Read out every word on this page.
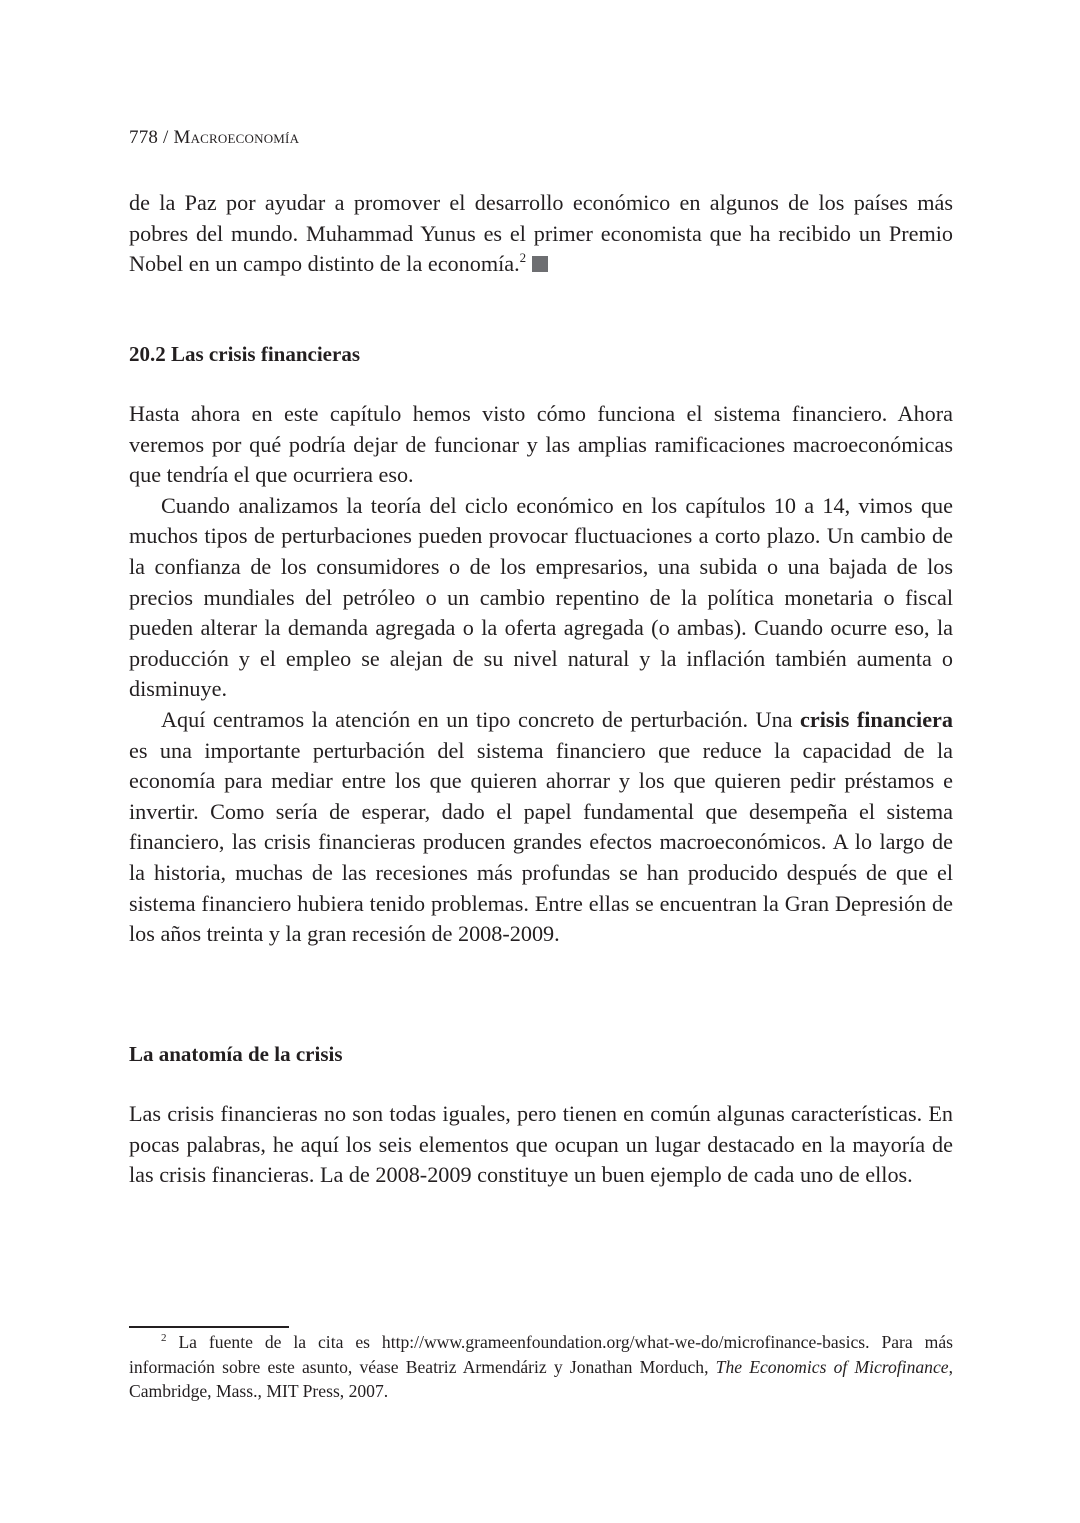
778 / Macroeconomía

de la Paz por ayudar a promover el desarrollo económico en algunos de los países más pobres del mundo. Muhammad Yunus es el primer economista que ha recibido un Premio Nobel en un campo distinto de la economía.$^2$

20.2 Las crisis financieras

Hasta ahora en este capítulo hemos visto cómo funciona el sistema financiero. Ahora veremos por qué podría dejar de funcionar y las amplias ramificaciones macroeconómicas que tendría el que ocurriera eso.

Cuando analizamos la teoría del ciclo económico en los capítulos 10 a 14, vimos que muchos tipos de perturbaciones pueden provocar fluctuaciones a corto plazo. Un cambio de la confianza de los consumidores o de los empresarios, una subida o una bajada de los precios mundiales del petróleo o un cambio repentino de la política monetaria o fiscal pueden alterar la demanda agregada o la oferta agregada (o ambas). Cuando ocurre eso, la producción y el empleo se alejan de su nivel natural y la inflación también aumenta o disminuye.

Aquí centramos la atención en un tipo concreto de perturbación. Una crisis financiera es una importante perturbación del sistema financiero que reduce la capacidad de la economía para mediar entre los que quieren ahorrar y los que quieren pedir préstamos e invertir. Como sería de esperar, dado el papel fundamental que desempeña el sistema financiero, las crisis financieras producen grandes efectos macroeconómicos. A lo largo de la historia, muchas de las recesiones más profundas se han producido después de que el sistema financiero hubiera tenido problemas. Entre ellas se encuentran la Gran Depresión de los años treinta y la gran recesión de 2008-2009.

La anatomía de la crisis

Las crisis financieras no son todas iguales, pero tienen en común algunas características. En pocas palabras, he aquí los seis elementos que ocupan un lugar destacado en la mayoría de las crisis financieras. La de 2008-2009 constituye un buen ejemplo de cada uno de ellos.

$^2$ La fuente de la cita es http://www.grameenfoundation.org/what-we-do/microfinance-basics. Para más información sobre este asunto, véase Beatriz Armendáriz y Jonathan Morduch, The Economics of Microfinance, Cambridge, Mass., MIT Press, 2007.
